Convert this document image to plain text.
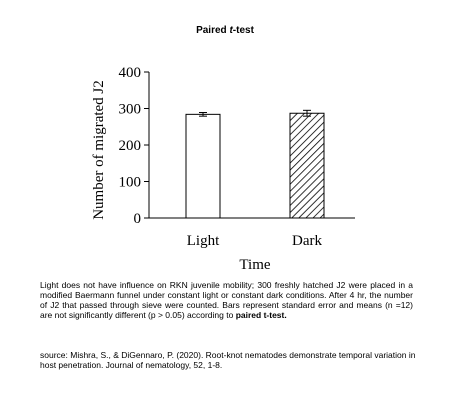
Paired t-test
0
100
200
300
400
Light	Dark
Time
Number of migrated J2
Light does not have influence on RKN juvenile mobility; 300 freshly hatched J2 were placed in a modified Baermann funnel under constant light or constant dark conditions. After 4 hr, the number of J2 that passed through sieve were counted. Bars represent standard error and means (n =12) are not significantly different (p > 0.05) according to paired t-test.
source: Mishra, S., & DiGennaro, P. (2020). Root-knot nematodes demonstrate temporal variation in host penetration. Journal of nematology, 52, 1-8.
